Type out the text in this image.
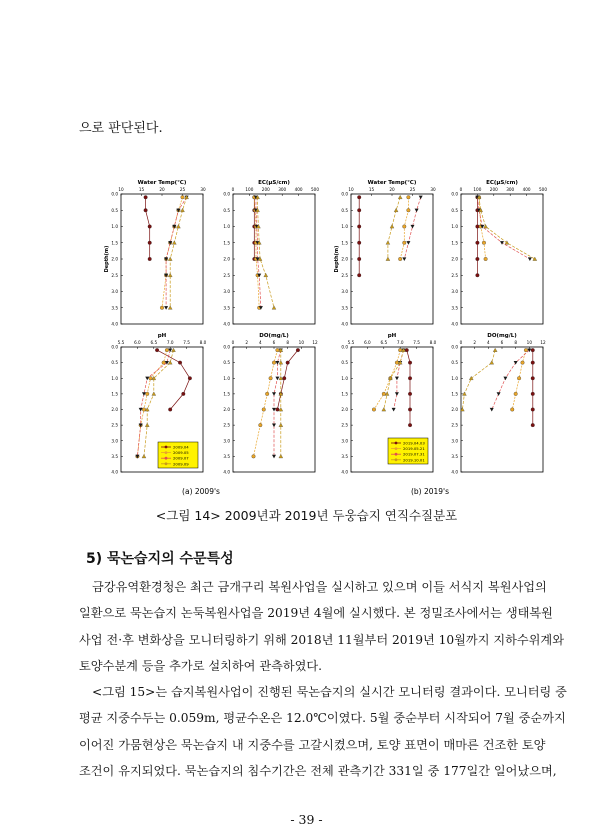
으로 판단된다.
Water Temp(℃)
10	15	20	25	30
0.0
0.5
1.0
1.5
2.0
2.5
3.0
3.5
4.0
Depth(m)
EC(µS/cm)
0	100 200 300 400 500
0.0
0.5
1.0
1.5
2.0
2.5
3.0
3.5
4.0
pH
5.5 6.0 6.5 7.0 7.5 8.0
0.0
0.5
1.0
1.5
2.0
2.5
3.0
3.5
4.0
DO(mg/L)
0	2	4	6	8 10 12
0.0
0.5
1.0
1.5
2.0
2.5
3.0
3.5
4.0
Water Temp(℃)
10	15	20	25	30
0.0
0.5
1.0
1.5
2.0
2.5
3.0
3.5
4.0
Depth(m)
EC(µS/cm)
0	100 200 300 400 500
0.0
0.5
1.0
1.5
2.0
2.5
3.0
3.5
4.0
pH
5.5 6.0 6.5 7.0 7.5 8.0
0.0
0.5
1.0
1.5
2.0
2.5
3.0
3.5
4.0
DO(mg/L)
0	2	4	6	8 10 12
0.0
0.5
1.0
1.5
2.0
2.5
3.0
3.5
4.0
2009.04
2009.05
2009.07
2009.09
2019.04.03
2019.05.21
2019.07.31
2019.10.01
(a) 2009's	(b) 2019's
<그림 14> 2009년과 2019년 두웅습지 연직수질분포
5) 묵논습지의 수문특성
금강유역환경청은 최근 금개구리 복원사업을 실시하고 있으며 이들 서식지 복원사업의
일환으로 묵논습지 논둑복원사업을 2019년 4월에 실시했다. 본 정밀조사에서는 생태복원
사업 전·후 변화상을 모니터링하기 위해 2018년 11월부터 2019년 10월까지 지하수위계와
토양수분계 등을 추가로 설치하여 관측하였다.
<그림 15>는 습지복원사업이 진행된 묵논습지의 실시간 모니터링 결과이다. 모니터링 중
평균 지중수두는 0.059m, 평균수온은 12.0℃이였다. 5월 중순부터 시작되어 7월 중순까지
이어진 가뭄현상은 묵논습지 내 지중수를 고갈시켰으며, 토양 표면이 매마른 건조한 토양
조건이 유지되었다. 묵논습지의 침수기간은 전체 관측기간 331일 중 177일간 일어났으며,
- 39 -
